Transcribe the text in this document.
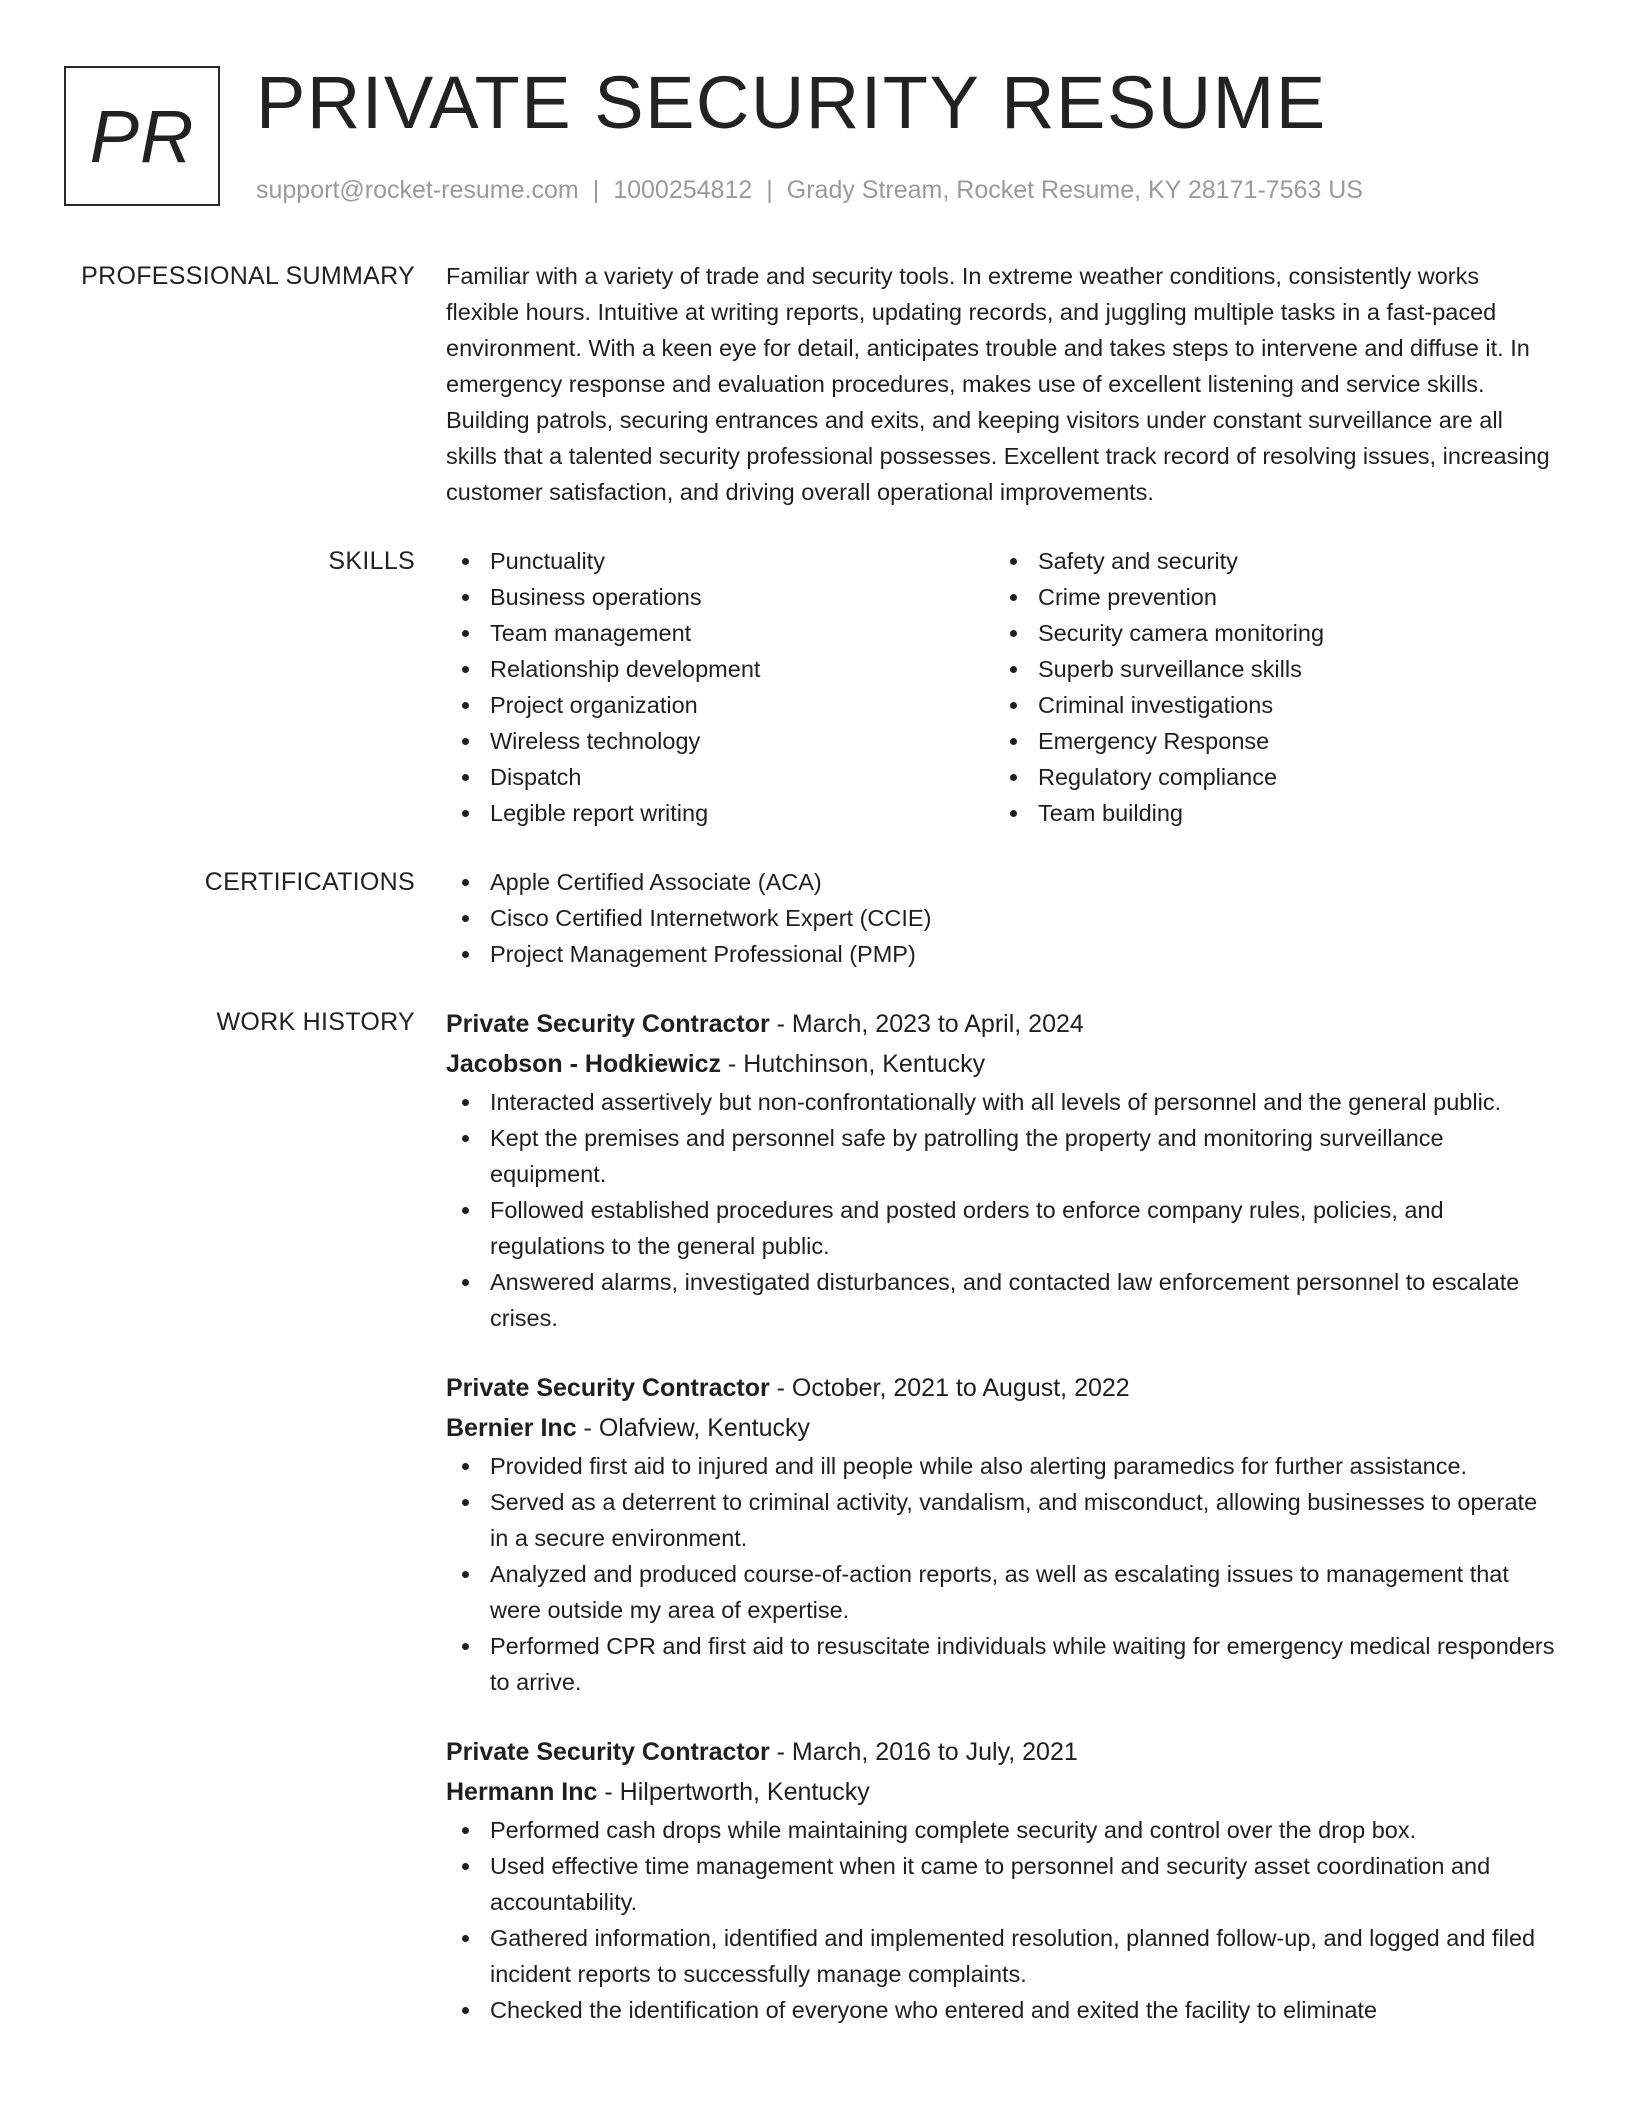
PR PRIVATE SECURITY RESUME
support@rocket-resume.com | 1000254812 | Grady Stream, Rocket Resume, KY 28171-7563 US
PROFESSIONAL SUMMARY Familiar with a variety of trade and security tools. In extreme weather conditions, consistently works flexible hours. Intuitive at writing reports, updating records, and juggling multiple tasks in a fast-paced environment. With a keen eye for detail, anticipates trouble and takes steps to intervene and diffuse it. In emergency response and evaluation procedures, makes use of excellent listening and service skills. Building patrols, securing entrances and exits, and keeping visitors under constant surveillance are all skills that a talented security professional possesses. Excellent track record of resolving issues, increasing customer satisfaction, and driving overall operational improvements.

SKILLS	Punctuality
Business operations
Team management
Relationship development
Project organization
Wireless technology
Dispatch
Legible report writing
Safety and security
Crime prevention
Security camera monitoring
Superb surveillance skills
Criminal investigations
Emergency Response
Regulatory compliance
Team building
CERTIFICATIONS	Apple Certified Associate (ACA)
Cisco Certified Internetwork Expert (CCIE)
Project Management Professional (PMP)
WORK HISTORY Private Security Contractor - March, 2023 to April, 2024
Jacobson - Hodkiewicz - Hutchinson, Kentucky
Interacted assertively but non-confrontationally with all levels of personnel and the general public.
Kept the premises and personnel safe by patrolling the property and monitoring surveillance equipment.
Followed established procedures and posted orders to enforce company rules, policies, and regulations to the general public.
Answered alarms, investigated disturbances, and contacted law enforcement personnel to escalate crises.
Private Security Contractor - October, 2021 to August, 2022
Bernier Inc - Olafview, Kentucky
Provided first aid to injured and ill people while also alerting paramedics for further assistance.
Served as a deterrent to criminal activity, vandalism, and misconduct, allowing businesses to operate in a secure environment.
Analyzed and produced course-of-action reports, as well as escalating issues to management that were outside my area of expertise.
Performed CPR and first aid to resuscitate individuals while waiting for emergency medical responders to arrive.
Private Security Contractor - March, 2016 to July, 2021
Hermann Inc - Hilpertworth, Kentucky
Performed cash drops while maintaining complete security and control over the drop box.
Used effective time management when it came to personnel and security asset coordination and accountability.
Gathered information, identified and implemented resolution, planned follow-up, and logged and filed incident reports to successfully manage complaints.
Checked the identification of everyone who entered and exited the facility to eliminate
